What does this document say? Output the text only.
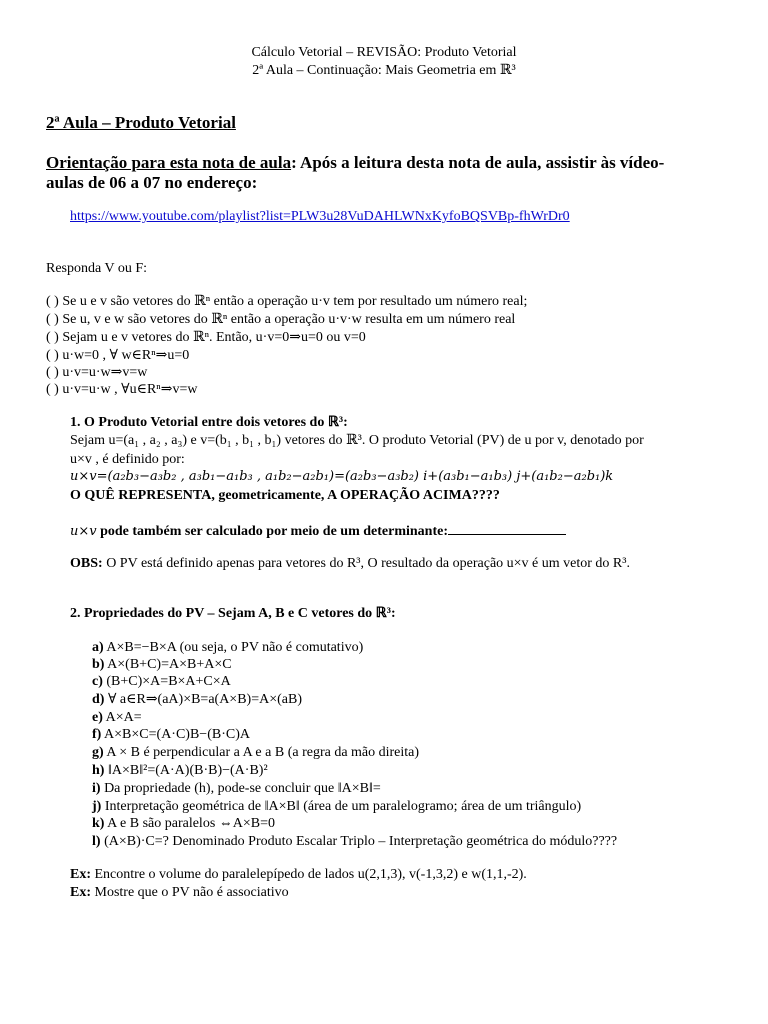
Cálculo Vetorial – REVISÃO: Produto Vetorial
2ª Aula – Continuação: Mais Geometria em ℝ³
2ª Aula – Produto Vetorial
Orientação para esta nota de aula: Após a leitura desta nota de aula, assistir às vídeo-
aulas de 06 a 07 no endereço:
https://www.youtube.com/playlist?list=PLW3u28VuDAHLWNxKyfoBQSVBp-fhWrDr0
Responda V ou F:
( ) Se u e v são vetores do ℝⁿ então a operação u·v tem por resultado um número real;
( ) Se u, v e w são vetores do ℝⁿ então a operação u·v·w resulta em um número real
( ) Sejam u e v vetores do ℝⁿ. Então, u·v=0⇒u=0 ou v=0
( ) u·w=0 , ∀ w∈Rⁿ⇒u=0
( ) u·v=u·w⇒v=w
( ) u·v=u·w , ∀u∈Rⁿ⇒v=w
1. O Produto Vetorial entre dois vetores do ℝ³:
Sejam u=(a₁ , a₂ , a₃) e v=(b₁ , b₁ , b₁) vetores do ℝ³. O produto Vetorial (PV) de u por v, denotado por
u×v , é definido por:
u×v=(a₂b₃−a₃b₂ , a₃b₁−a₁b₃ , a₁b₂−a₂b₁)=(a₂b₃−a₃b₂) i+(a₃b₁−a₁b₃) j+(a₁b₂−a₂b₁)k
O QUÊ REPRESENTA, geometricamente, A OPERAÇÃO ACIMA????
u×v pode também ser calculado por meio de um determinante:
OBS: O PV está definido apenas para vetores do R³, O resultado da operação u×v é um vetor do R³.
2. Propriedades do PV – Sejam A, B e C vetores do ℝ³:
a) A×B=−B×A (ou seja, o PV não é comutativo)
b) A×(B+C)=A×B+A×C
c) (B+C)×A=B×A+C×A
d) ∀ a∈R⇒(aA)×B=a(A×B)=A×(aB)
e) A×A=
f) A×B×C=(A·C)B−(B·C)A
g) A × B é perpendicular a A e a B (a regra da mão direita)
h) ‖A×B‖²=(A·A)(B·B)−(A·B)²
i) Da propriedade (h), pode-se concluir que ‖A×B‖=
j) Interpretação geométrica de ‖A×B‖ (área de um paralelogramo; área de um triângulo)
k) A e B são paralelos ⇔A×B=0
l) (A×B)·C=? Denominado Produto Escalar Triplo – Interpretação geométrica do módulo????
Ex: Encontre o volume do paralelepípedo de lados u(2,1,3), v(-1,3,2) e w(1,1,-2).
Ex: Mostre que o PV não é associativo
